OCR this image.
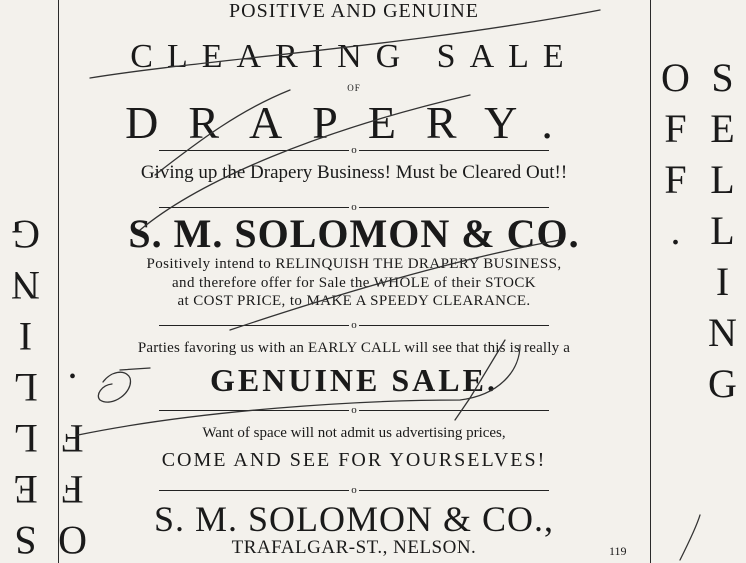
SELLING OFF.
SELLING OFF.
POSITIVE AND GENUINE
CLEARING SALE
OF
DRAPERY.
o
Giving up the Drapery Business! Must be Cleared Out!!
o
S. M. SOLOMON & CO.
Positively intend to RELINQUISH THE DRAPERY BUSINESS,
and therefore offer for Sale the WHOLE of their STOCK
at COST PRICE, to MAKE A SPEEDY CLEARANCE.
o
Parties favoring us with an EARLY CALL will see that this is really a
GENUINE SALE.
o
Want of space will not admit us advertising prices,
COME AND SEE FOR YOURSELVES!
o
S. M. SOLOMON & CO.,
TRAFALGAR-ST., NELSON.	119
